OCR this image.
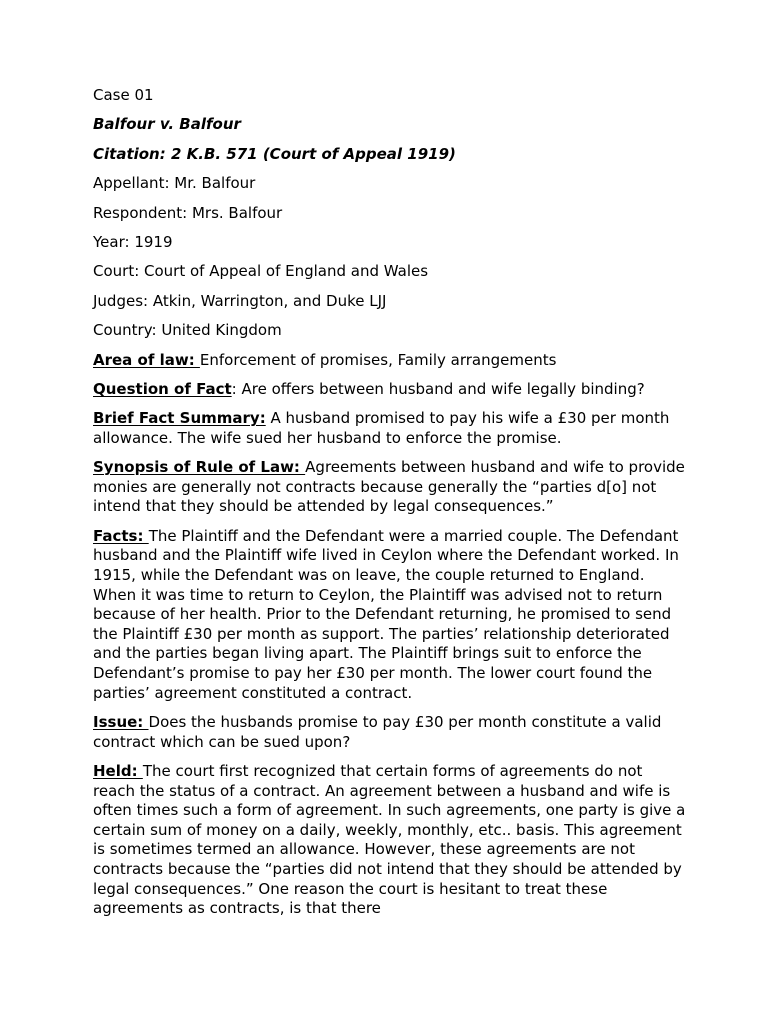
Case 01

Balfour v. Balfour

Citation: 2 K.B. 571 (Court of Appeal 1919)

Appellant: Mr. Balfour

Respondent: Mrs. Balfour

Year: 1919

Court: Court of Appeal of England and Wales

Judges: Atkin, Warrington, and Duke LJJ

Country: United Kingdom

Area of law: Enforcement of promises, Family arrangements

Question of Fact: Are offers between husband and wife legally binding?

Brief Fact Summary: A husband promised to pay his wife a £30 per month allowance. The wife sued her husband to enforce the promise.

Synopsis of Rule of Law: Agreements between husband and wife to provide monies are generally not contracts because generally the “parties d[o] not intend that they should be attended by legal consequences.”

Facts: The Plaintiff and the Defendant were a married couple. The Defendant husband and the Plaintiff wife lived in Ceylon where the Defendant worked. In 1915, while the Defendant was on leave, the couple returned to England. When it was time to return to Ceylon, the Plaintiff was advised not to return because of her health. Prior to the Defendant returning, he promised to send the Plaintiff £30 per month as support. The parties’ relationship deteriorated and the parties began living apart. The Plaintiff brings suit to enforce the Defendant’s promise to pay her £30 per month. The lower court found the parties’ agreement constituted a contract.

Issue: Does the husbands promise to pay £30 per month constitute a valid contract which can be sued upon?

Held: The court first recognized that certain forms of agreements do not reach the status of a contract. An agreement between a husband and wife is often times such a form of agreement. In such agreements, one party is give a certain sum of money on a daily, weekly, monthly, etc.. basis. This agreement is sometimes termed an allowance. However, these agreements are not contracts because the “parties did not intend that they should be attended by legal consequences.” One reason the court is hesitant to treat these agreements as contracts, is that there
